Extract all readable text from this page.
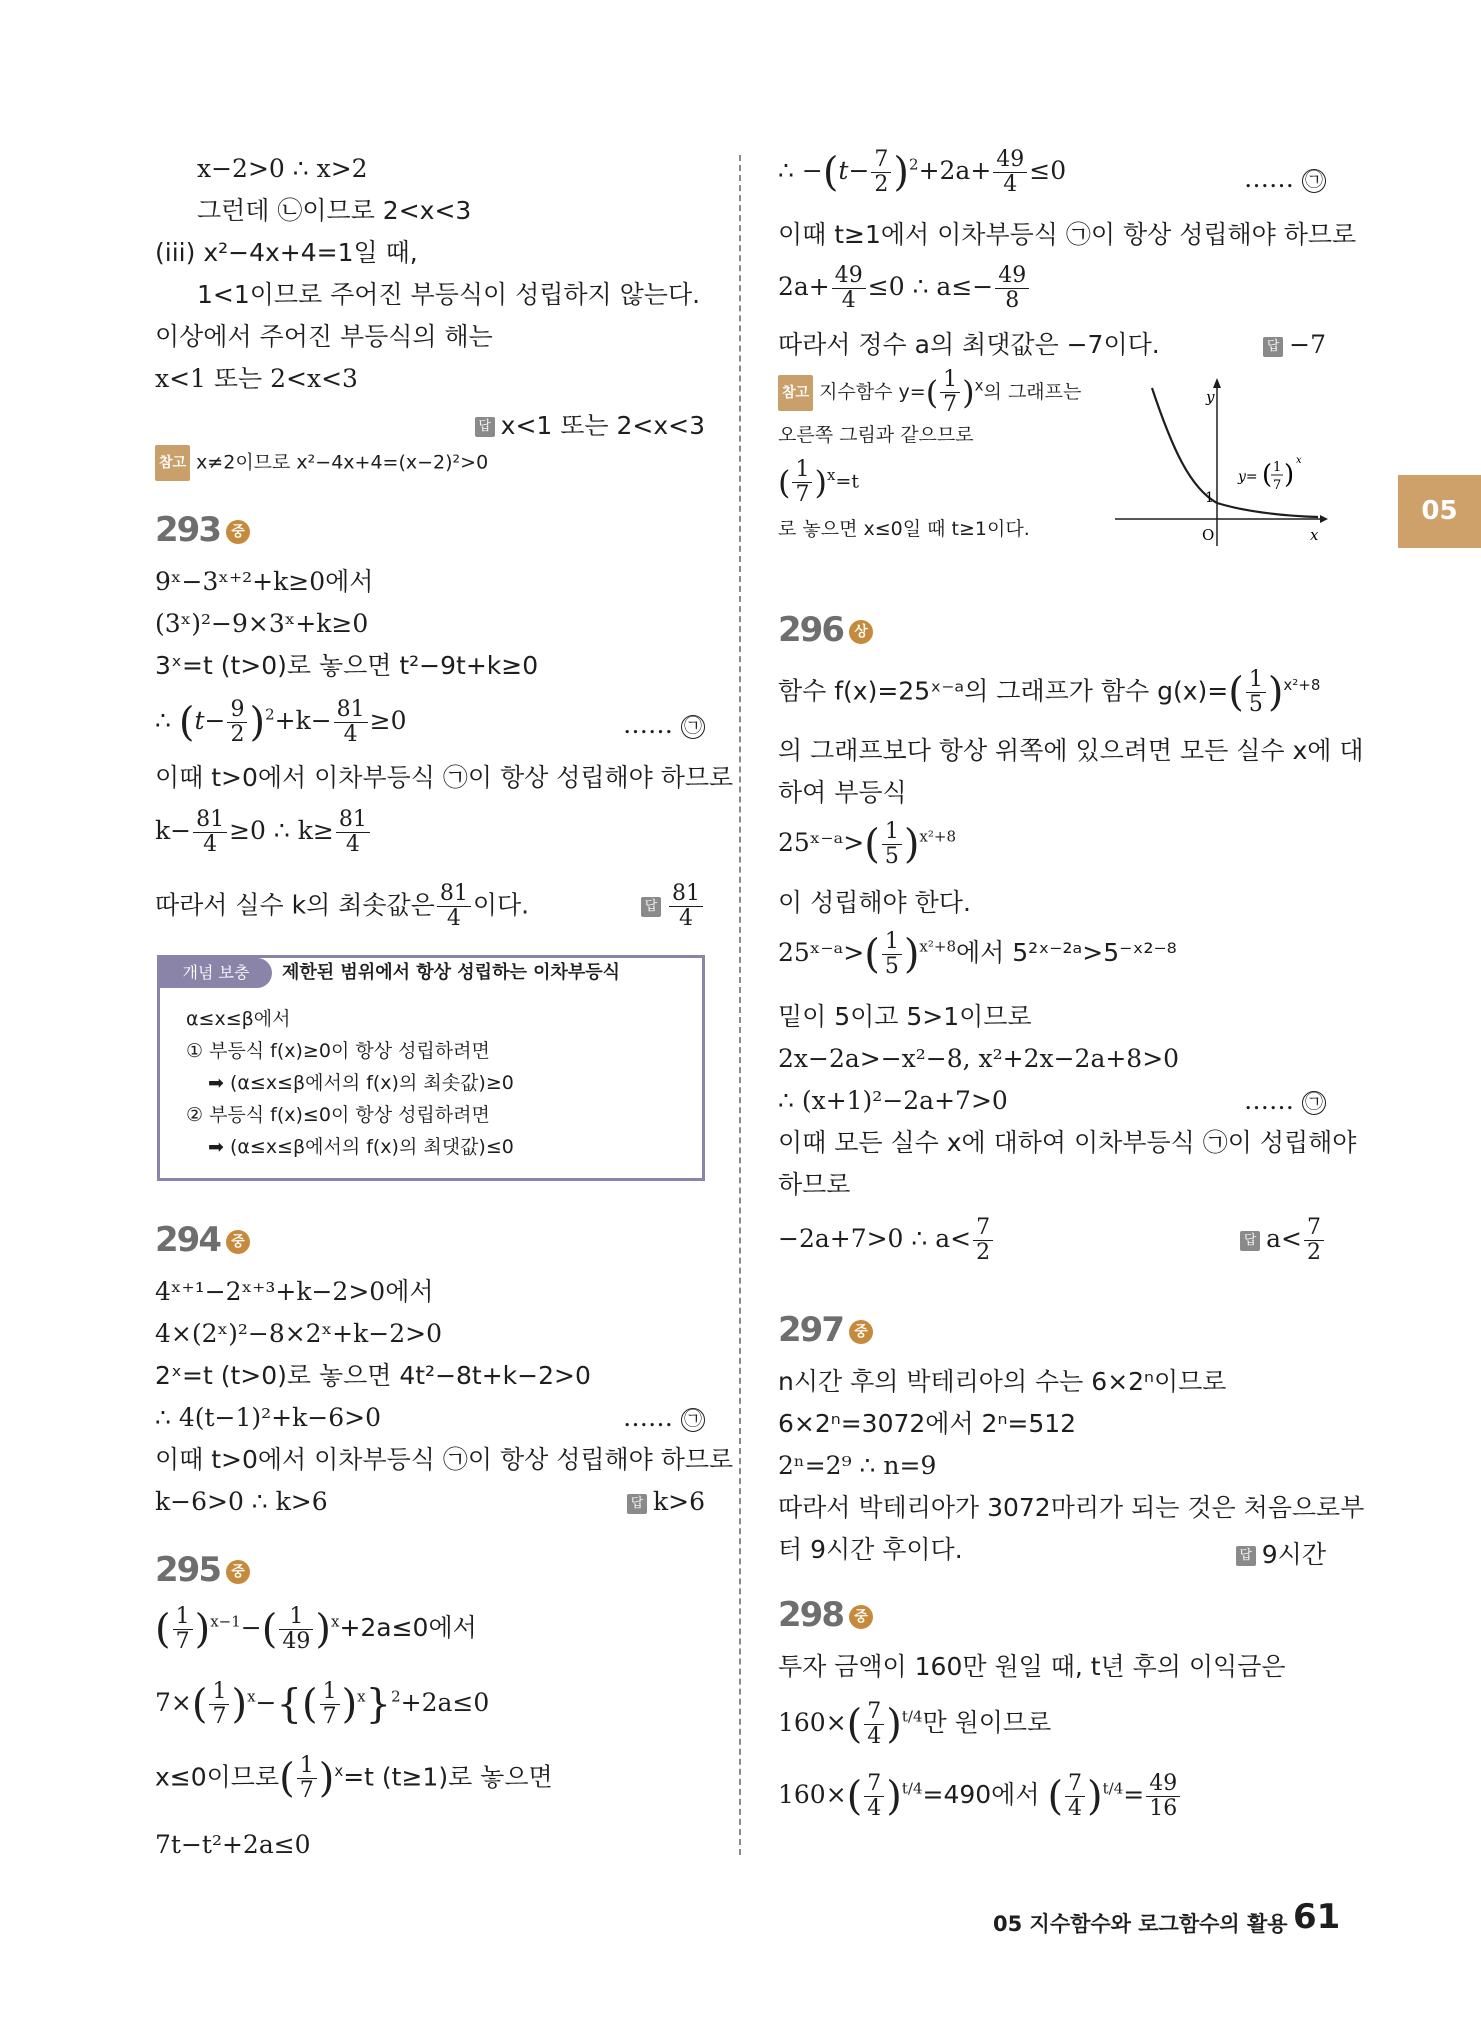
x−2>0 ∴ x>2
그런데 ㉡이므로 2<x<3
(iii) x²−4x+4=1일 때,
1<1이므로 주어진 부등식이 성립하지 않는다.
이상에서 주어진 부등식의 해는
x<1 또는 2<x<3
답 x<1 또는 2<x<3
참고 x≠2이므로 x²−4x+4=(x−2)²>0
293 중
9ˣ−3ˣ⁺²+k≥0에서
(3ˣ)²−9×3ˣ+k≥0
3ˣ=t (t>0)로 놓으면 t²−9t+k≥0
∴ $(t- \frac{9}{2} )^2+k- \frac{81}{4} \ge 0$	…… ㉠
이때 t>0에서 이차부등식 ㉠이 항상 성립해야 하므로
$k- \frac{81}{4} \ge 0$ ∴ $k\ge \frac{81}{4}$
따라서 실수 k의 최솟값은 $\frac{81}{4}$ 이다.	답 $\frac{81}{4}$
294 중
4ˣ⁺¹−2ˣ⁺³+k−2>0에서
4×(2ˣ)²−8×2ˣ+k−2>0
2ˣ=t (t>0)로 놓으면 4t²−8t+k−2>0
∴ 4(t−1)²+k−6>0	…… ㉠
이때 t>0에서 이차부등식 ㉠이 항상 성립해야 하므로
k−6>0 ∴ k>6	답 k>6
295 중
( $\frac{1}{7} )^{x-1}-( \frac{1}{49} )^x+2a\le 0$에서
$7\times( \frac{1}{7} )^x-\{( \frac{1}{7} )^x\}^2+2a\le 0$
x≤0이므로( $\frac{1}{7} )^x=t$ (t≥1)로 놓으면
7t−t²+2a≤0
개념 보충	제한된 범위에서 항상 성립하는 이차부등식
α≤x≤β에서
① 부등식 f(x)≥0이 항상 성립하려면
➡ (α≤x≤β에서의 f(x)의 최솟값)≥0
② 부등식 f(x)≤0이 항상 성립하려면
➡ (α≤x≤β에서의 f(x)의 최댓값)≤0
∴ $-(t- \frac{7}{2} )^2+2a+ \frac{49}{4} \le 0$	…… ㉠
이때 t≥1에서 이차부등식 ㉠이 항상 성립해야 하므로
$2a+ \frac{49}{4} \le 0$ ∴ $a\le- \frac{49}{8}$
따라서 정수 a의 최댓값은 −7이다.	답 −7
참고 지수함수 $y=( \frac{1}{7} )^x$의 그래프는
오른쪽 그림과 같으므로
( $\frac{1}{7} )^x=t$
로 놓으면 x≤0일 때 t≥1이다.
296 상
함수 f(x)=25ˣ⁻ᵃ의 그래프가 함수 $g(x)=( \frac{1}{5} )^{x^2+8}$
의 그래프보다 항상 위쪽에 있으려면 모든 실수 x에 대
하여 부등식
25ˣ⁻ᵃ>( $\frac{1}{5} )^{x^2+8}$
이 성립해야 한다.
25ˣ⁻ᵃ>( $\frac{1}{5} )^{x^2+8}$에서 5²ˣ⁻²ᵃ>5⁻ˣ²⁻⁸
밑이 5이고 5>1이므로
2x−2a>−x²−8, x²+2x−2a+8>0
∴ (x+1)²−2a+7>0	…… ㉠
이때 모든 실수 x에 대하여 이차부등식 ㉠이 성립해야
하므로
−2a+7>0 ∴ $a< \frac{7}{2}$	답 $a< \frac{7}{2}$
297 중
n시간 후의 박테리아의 수는 6×2ⁿ이므로
6×2ⁿ=3072에서 2ⁿ=512
2ⁿ=2⁹ ∴ n=9
따라서 박테리아가 3072마리가 되는 것은 처음으로부
터 9시간 후이다.	답 9시간
298 중
투자 금액이 160만 원일 때, t년 후의 이익금은
$160\times( \frac{7}{4} )^{t/4}$만 원이므로
$160\times( \frac{7}{4} )^{t/4}=490$에서 ( $\frac{7}{4} )^{t/4}= \frac{49}{16}$
y
x
O
1
y= ( 1
7 ) x
05
05 지수함수와 로그함수의 활용 61
